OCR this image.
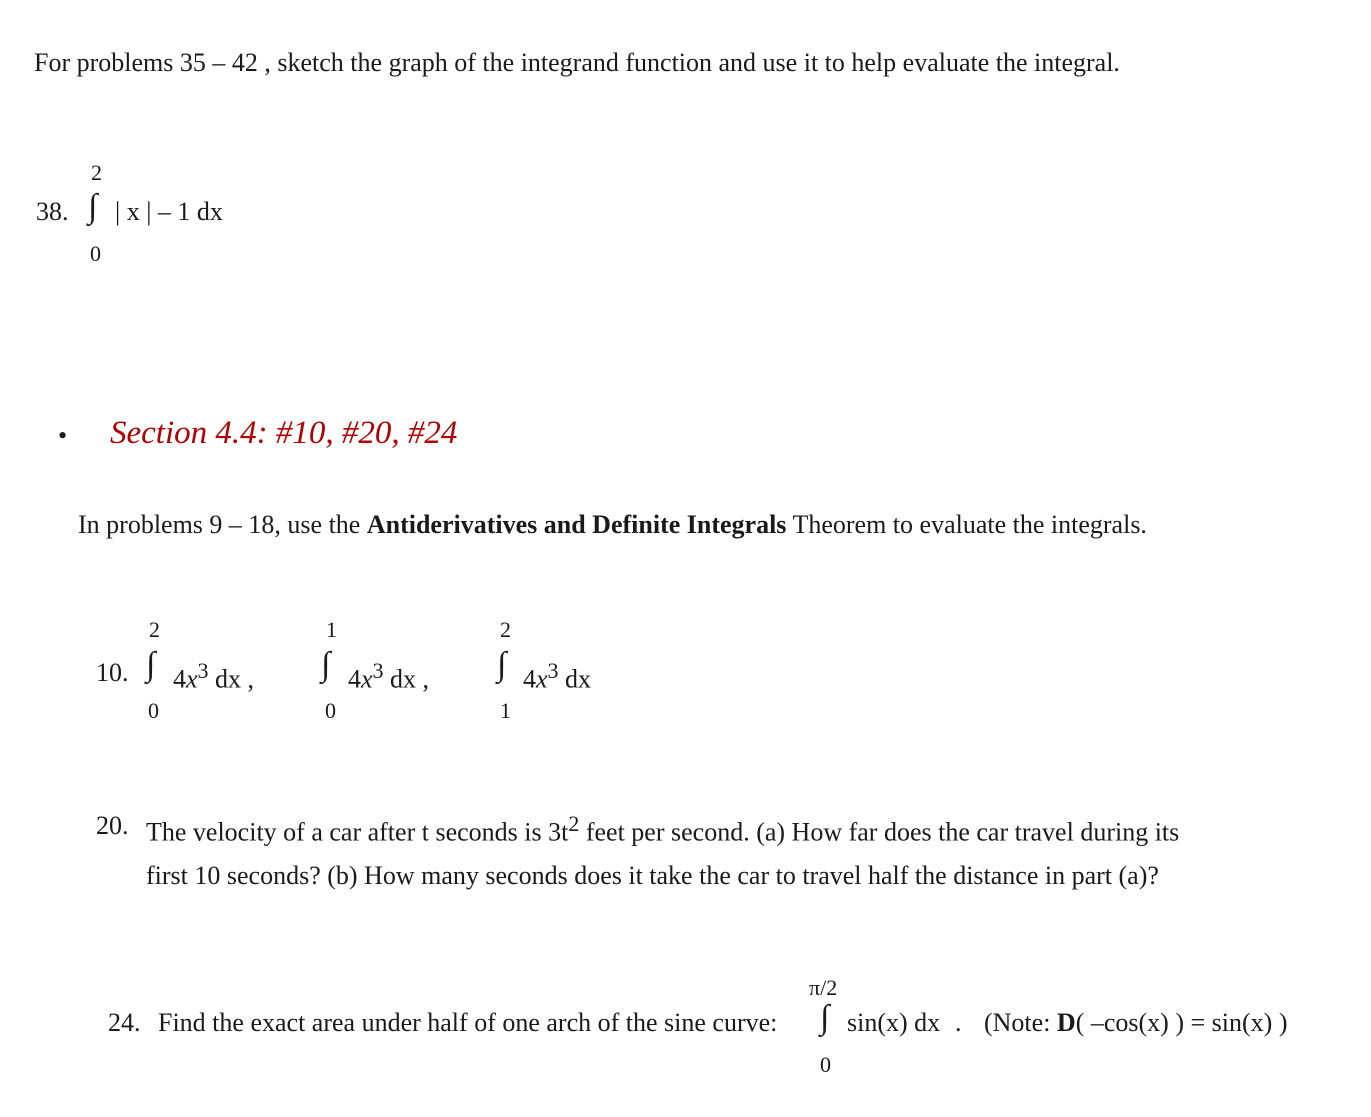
For problems 35 – 42 , sketch the graph of the integrand function and use it to help evaluate the integral.
38.
2
∫
0
| x | – 1 dx
• Section 4.4: #10, #20, #24
In problems 9 – 18, use the Antiderivatives and Definite Integrals Theorem to evaluate the integrals.
10.
2
∫
0
$4x^3$ dx ,
1
∫
0
$4x^3$ dx ,
2
∫
1
$4x^3$ dx
20. The velocity of a car after t seconds is $3t^2$ feet per second. (a) How far does the car travel during its
first 10 seconds? (b) How many seconds does it take the car to travel half the distance in part (a)?
24. Find the exact area under half of one arch of the sine curve:
π/2
∫
0
sin(x) dx . (Note: D( –cos(x) ) = sin(x) )
